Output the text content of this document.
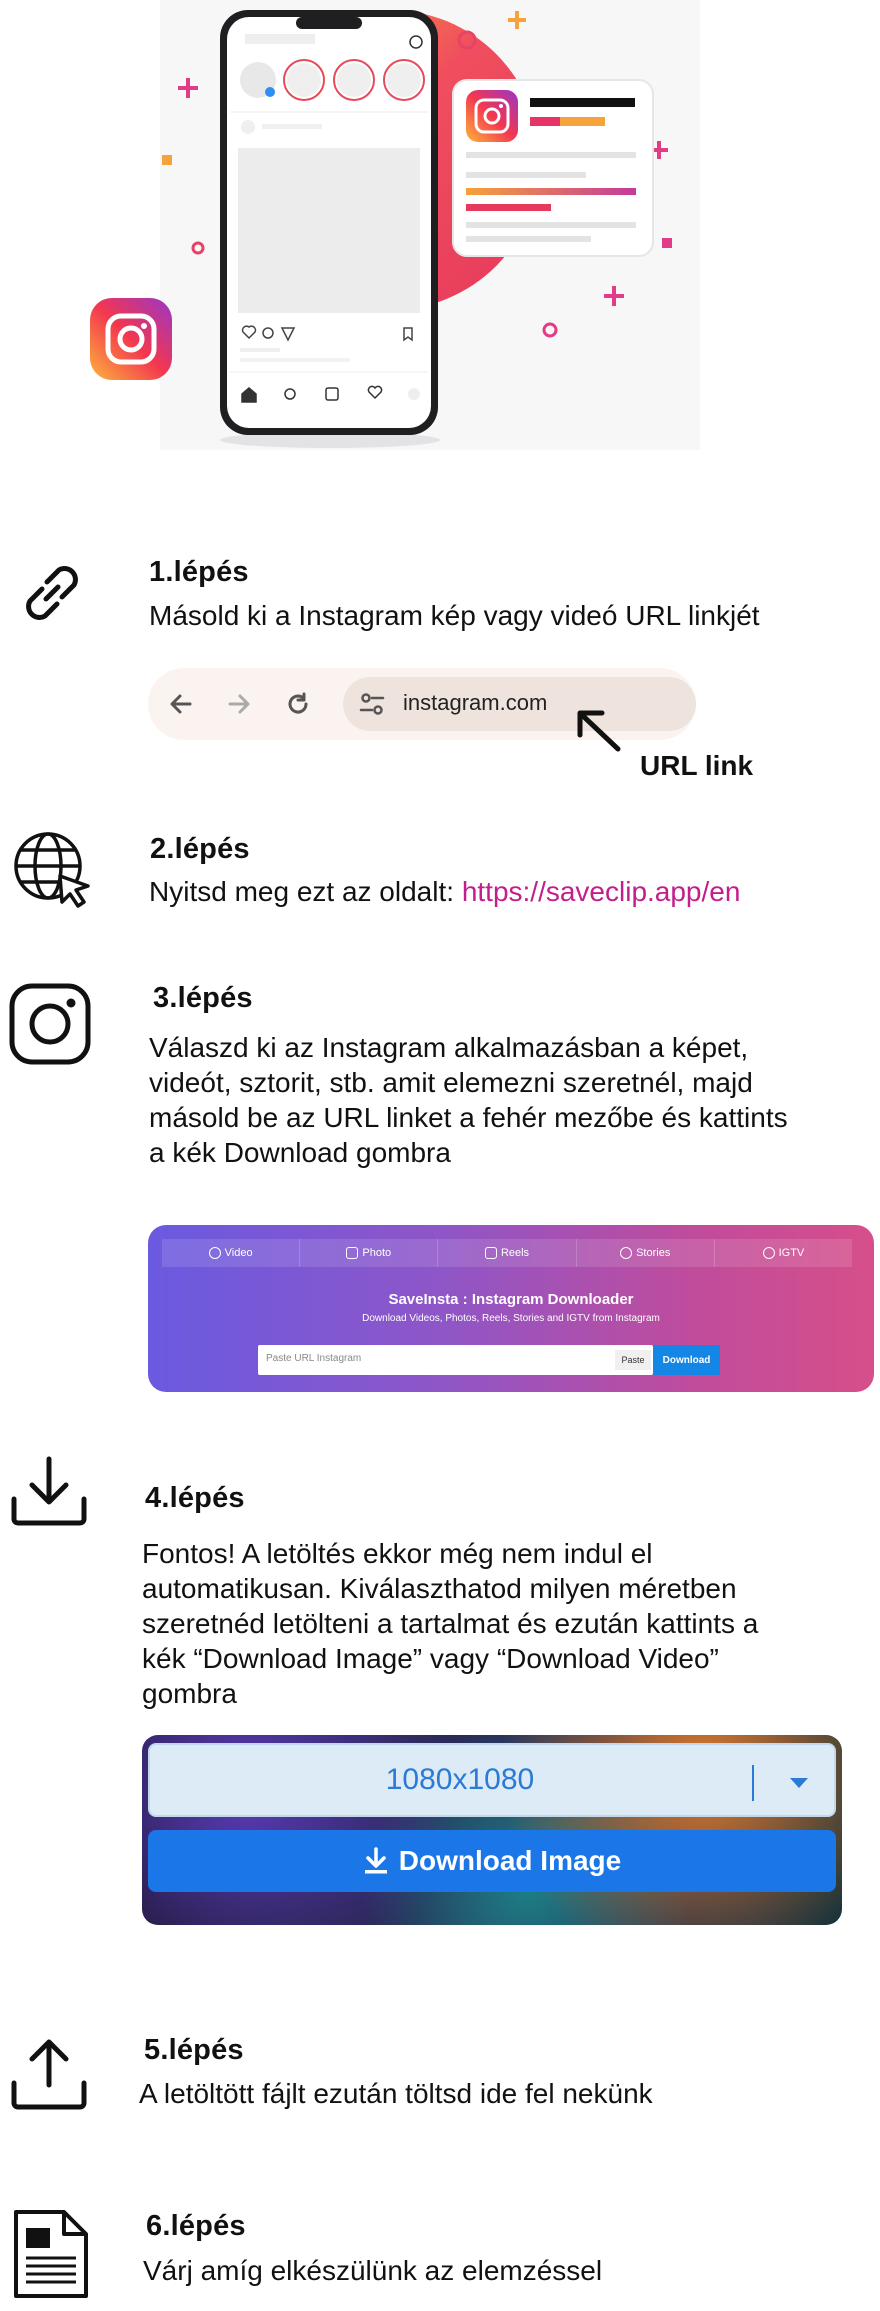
1.lépés
Másold ki a Instagram kép vagy videó URL linkjét
instagram.com
URL link
2.lépés
Nyitsd meg ezt az oldalt: https://saveclip.app/en
3.lépés
Válaszd ki az Instagram alkalmazásban a képet,
videót, sztorit, stb. amit elemezni szeretnél, majd
másold be az URL linket a fehér mezőbe és kattints
a kék Download gombra
Video	Photo	Reels	Stories	IGTV
SaveInsta : Instagram Downloader
Download Videos, Photos, Reels, Stories and IGTV from Instagram
Paste URL Instagram	Paste Download
4.lépés
Fontos! A letöltés ekkor még nem indul el
automatikusan. Kiválaszthatod milyen méretben
szeretnéd letölteni a tartalmat és ezután kattints a
kék “Download Image” vagy “Download Video”
gombra
1080x1080
Download Image
5.lépés
A letöltött fájlt ezután töltsd ide fel nekünk
6.lépés
Várj amíg elkészülünk az elemzéssel
